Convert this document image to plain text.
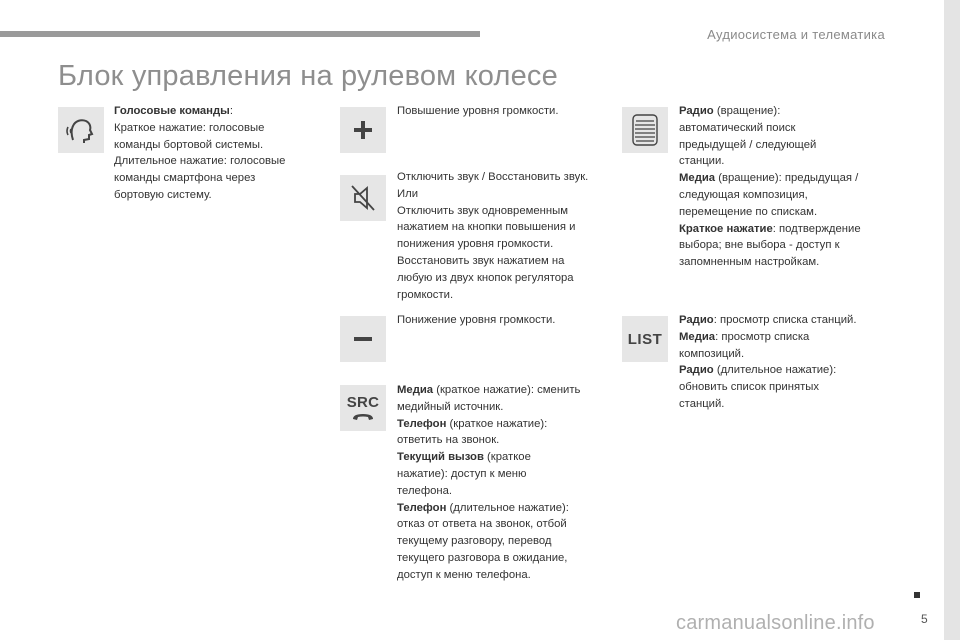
Аудиосистема и телематика
Блок управления на рулевом колесе
Голосовые команды:
Краткое нажатие: голосовые
команды бортовой системы.
Длительное нажатие: голосовые
команды смартфона через
бортовую систему.
Повышение уровня громкости.
Отключить звук / Восстановить звук.
Или
Отключить звук одновременным
нажатием на кнопки повышения и
понижения уровня громкости.
Восстановить звук нажатием на
любую из двух кнопок регулятора
громкости.
Понижение уровня громкости.
SRC
Медиа (краткое нажатие): сменить
медийный источник.
Телефон (краткое нажатие):
ответить на звонок.
Текущий вызов (краткое
нажатие): доступ к меню
телефона.
Телефон (длительное нажатие):
отказ от ответа на звонок, отбой
текущему разговору, перевод
текущего разговора в ожидание,
доступ к меню телефона.
Радио (вращение):
автоматический поиск
предыдущей / следующей
станции.
Медиа (вращение): предыдущая /
следующая композиция,
перемещение по спискам.
Краткое нажатие: подтверждение
выбора; вне выбора - доступ к
запомненным настройкам.
LIST
Радио: просмотр списка станций.
Медиа: просмотр списка
композиций.
Радио (длительное нажатие):
обновить список принятых
станций.
5
carmanualsonline.info
